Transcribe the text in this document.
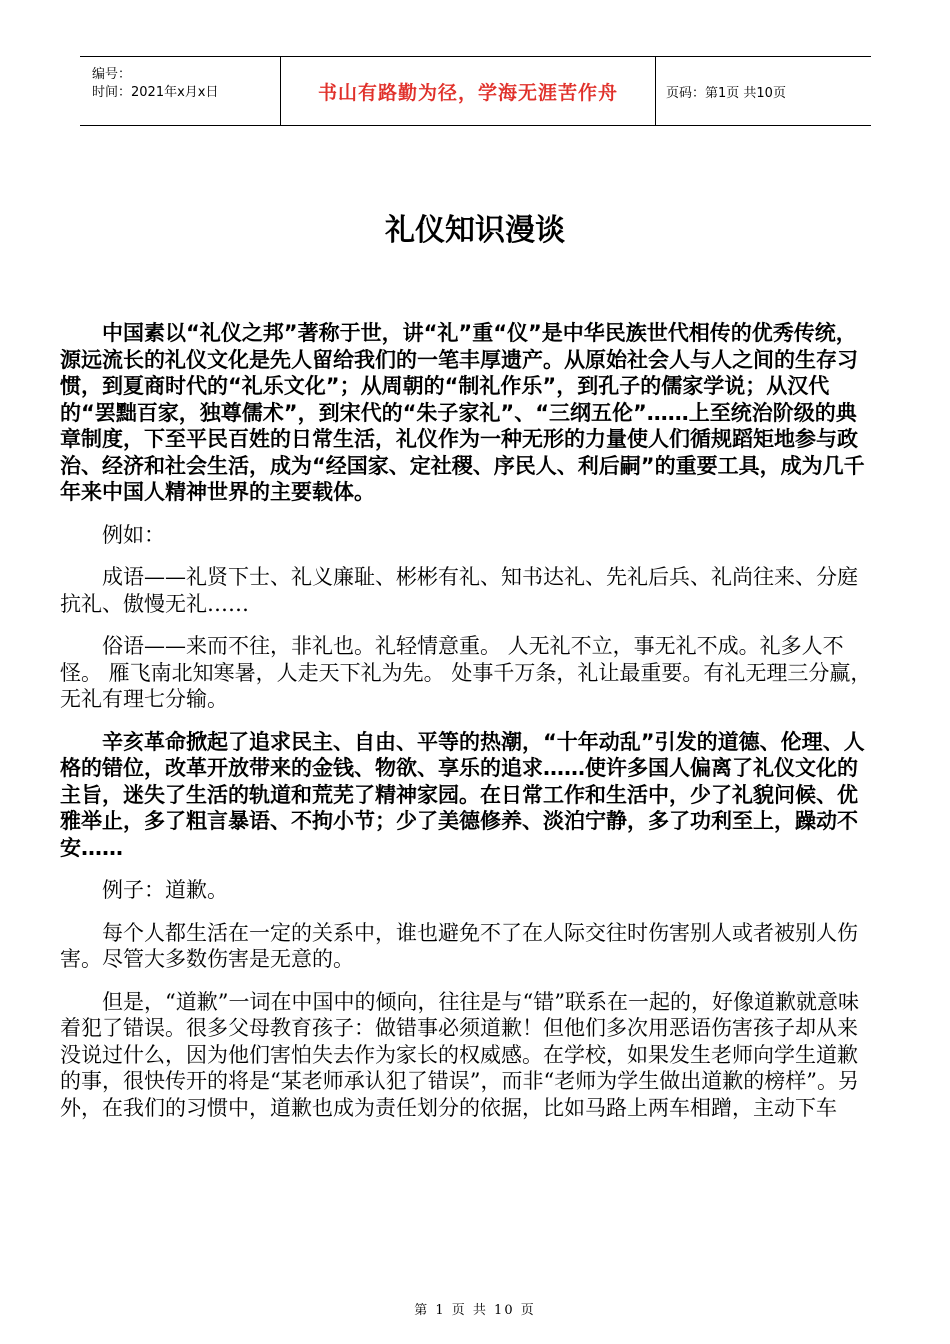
编号：
时间：2021年x月x日	书山有路勤为径，学海无涯苦作舟	页码：第1页 共10页
礼仪知识漫谈

中国素以“礼仪之邦”著称于世，讲“礼”重“仪”是中华民族世代相传的优秀传统，源远流长的礼仪文化是先人留给我们的一笔丰厚遗产。从原始社会人与人之间的生存习惯，到夏商时代的“礼乐文化”；从周朝的“制礼作乐”，到孔子的儒家学说；从汉代的“罢黜百家，独尊儒术”，到宋代的“朱子家礼”、“三纲五伦”……上至统治阶级的典章制度，下至平民百姓的日常生活，礼仪作为一种无形的力量使人们循规蹈矩地参与政治、经济和社会生活，成为“经国家、定社稷、序民人、利后嗣”的重要工具，成为几千年来中国人精神世界的主要载体。

例如：

成语——礼贤下士、礼义廉耻、彬彬有礼、知书达礼、先礼后兵、礼尚往来、分庭抗礼、傲慢无礼……

俗语——来而不往，非礼也。礼轻情意重。 人无礼不立，事无礼不成。礼多人不怪。 雁飞南北知寒暑，人走天下礼为先。 处事千万条，礼让最重要。有礼无理三分赢，无礼有理七分输。

辛亥革命掀起了追求民主、自由、平等的热潮，“十年动乱”引发的道德、伦理、人格的错位，改革开放带来的金钱、物欲、享乐的追求……使许多国人偏离了礼仪文化的主旨，迷失了生活的轨道和荒芜了精神家园。在日常工作和生活中，少了礼貌问候、优雅举止，多了粗言暴语、不拘小节；少了美德修养、淡泊宁静，多了功利至上，躁动不安……

例子：道歉。

每个人都生活在一定的关系中，谁也避免不了在人际交往时伤害别人或者被别人伤害。尽管大多数伤害是无意的。

但是，“道歉”一词在中国中的倾向，往往是与“错”联系在一起的，好像道歉就意味着犯了错误。很多父母教育孩子：做错事必须道歉！但他们多次用恶语伤害孩子却从来没说过什么，因为他们害怕失去作为家长的权威感。在学校，如果发生老师向学生道歉的事，很快传开的将是“某老师承认犯了错误”，而非“老师为学生做出道歉的榜样”。另外，在我们的习惯中，道歉也成为责任划分的依据，比如马路上两车相蹭，主动下车

第 1 页 共 10 页
